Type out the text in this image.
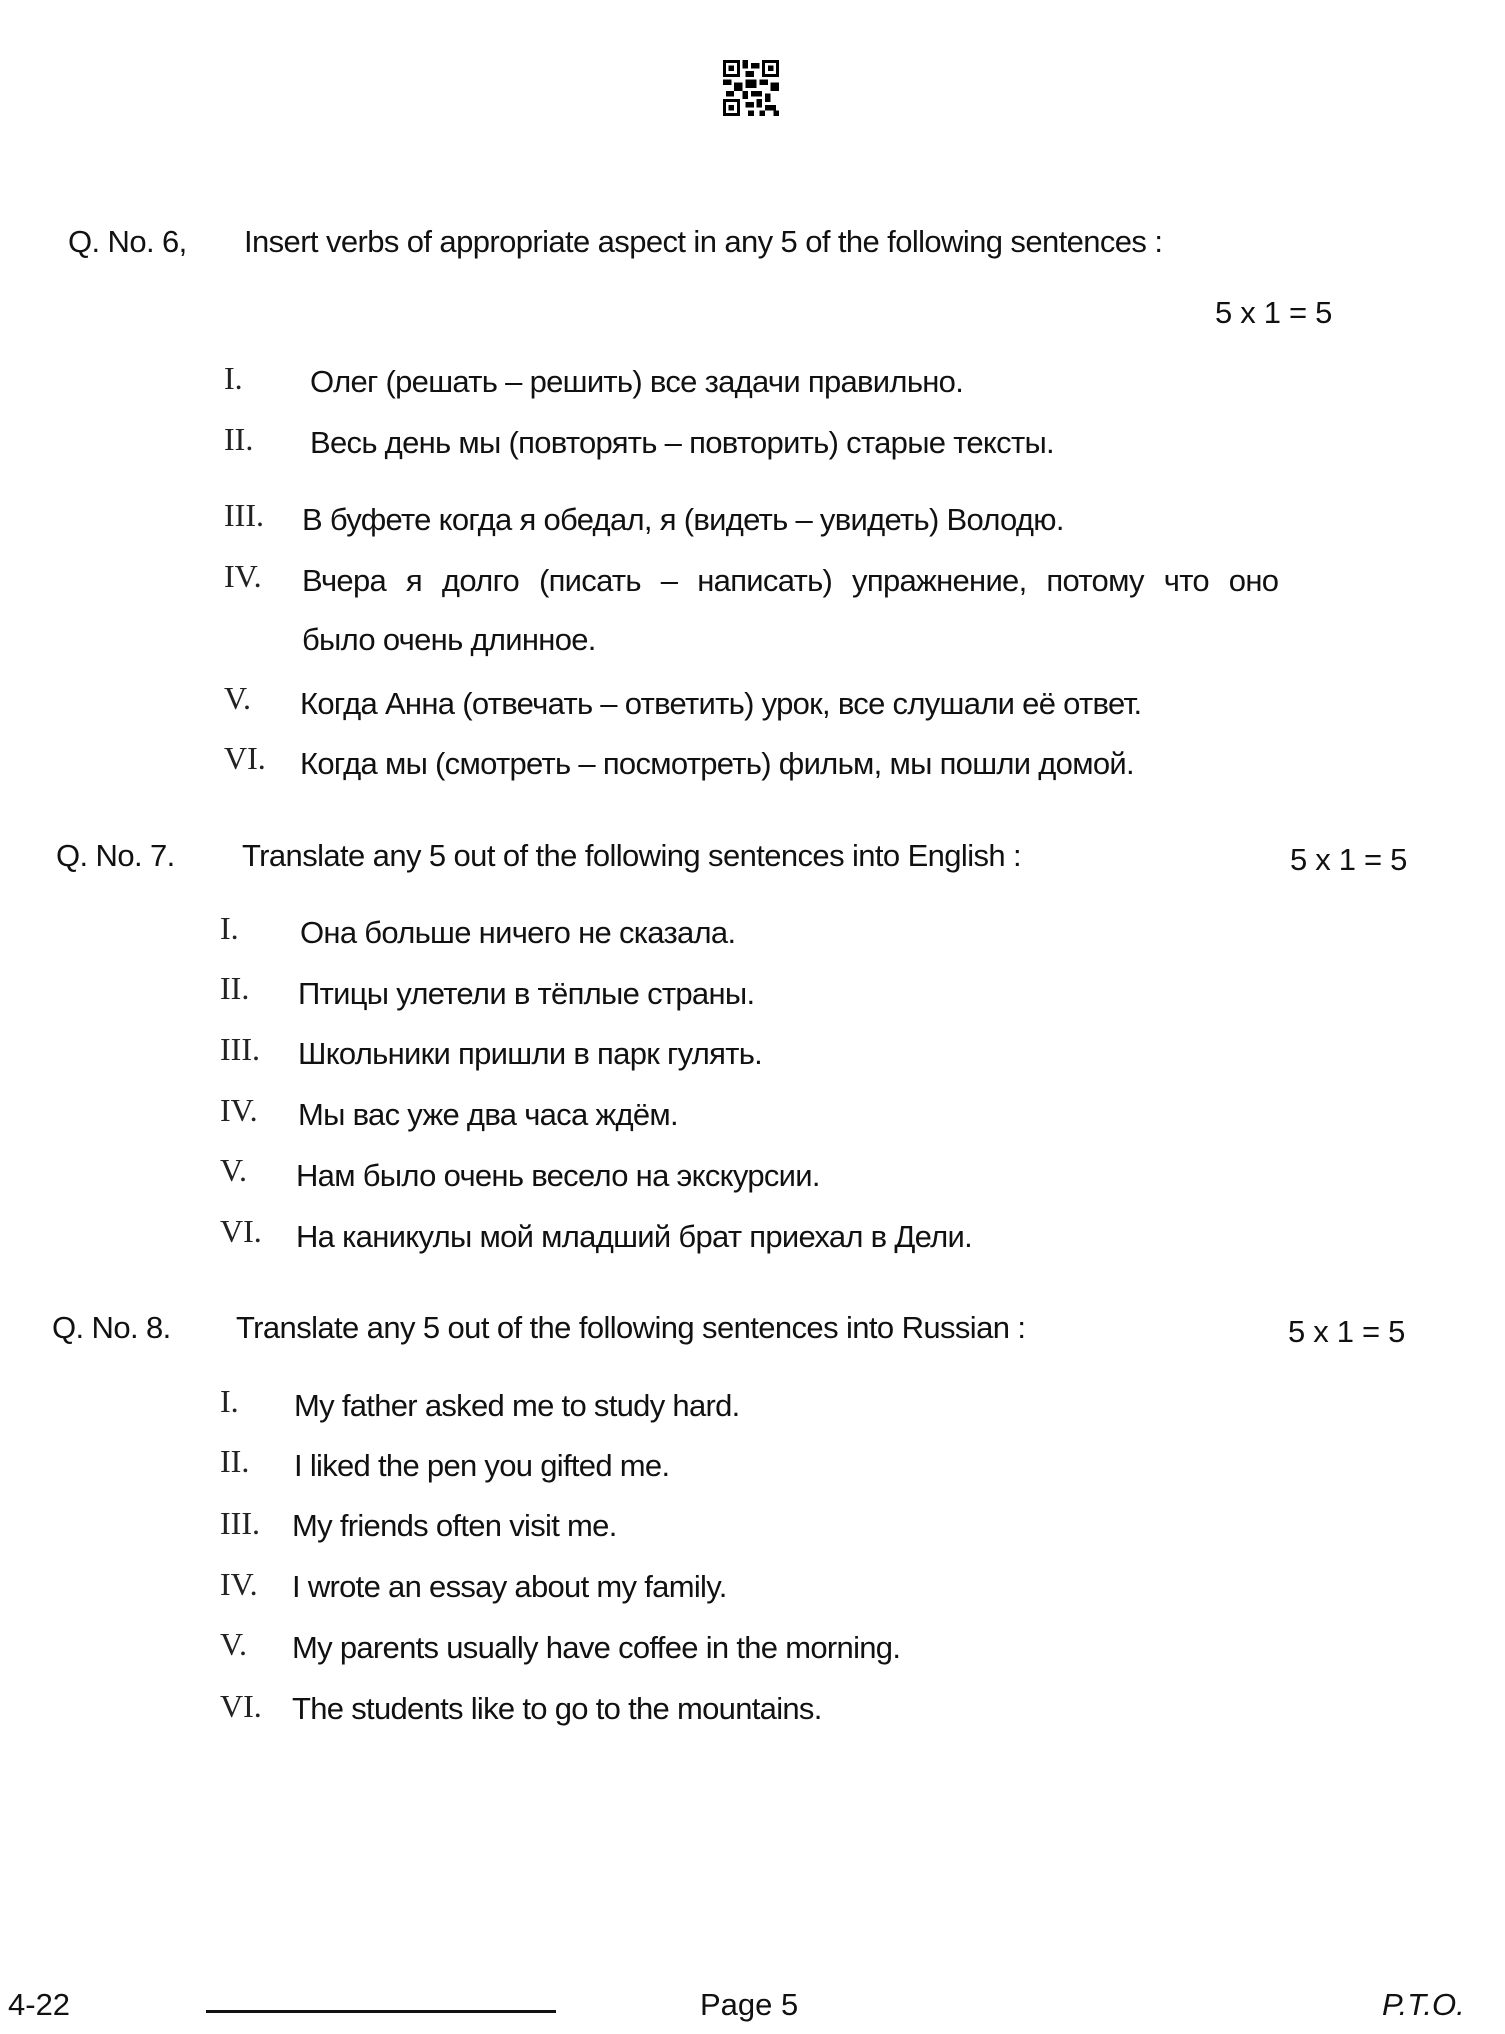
Q. No. 6, Insert verbs of appropriate aspect in any 5 of the following sentences :
5 x 1 = 5
I. Олег (решать – решить) все задачи правильно.
II. Весь день мы (повторять – повторить) старые тексты.
III. В буфете когда я обедал, я (видеть – увидеть) Володю.
IV. Вчера я долго (писать – написать) упражнение, потому что оно
было очень длинное.
V. Когда Анна (отвечать – ответить) урок, все слушали её ответ.
VI. Когда мы (смотреть – посмотреть) фильм, мы пошли домой.
Q. No. 7. Translate any 5 out of the following sentences into English :	5 x 1 = 5
I. Она больше ничего не сказала.
II. Птицы улетели в тёплые страны.
III. Школьники пришли в парк гулять.
IV. Мы вас уже два часа ждём.
V. Нам было очень весело на экскурсии.
VI. На каникулы мой младший брат приехал в Дели.
Q. No. 8. Translate any 5 out of the following sentences into Russian :	5 x 1 = 5
I. My father asked me to study hard.
II. I liked the pen you gifted me.
III. My friends often visit me.
IV. I wrote an essay about my family.
V. My parents usually have coffee in the morning.
VI. The students like to go to the mountains.
4-22	Page 5	P.T.O.
